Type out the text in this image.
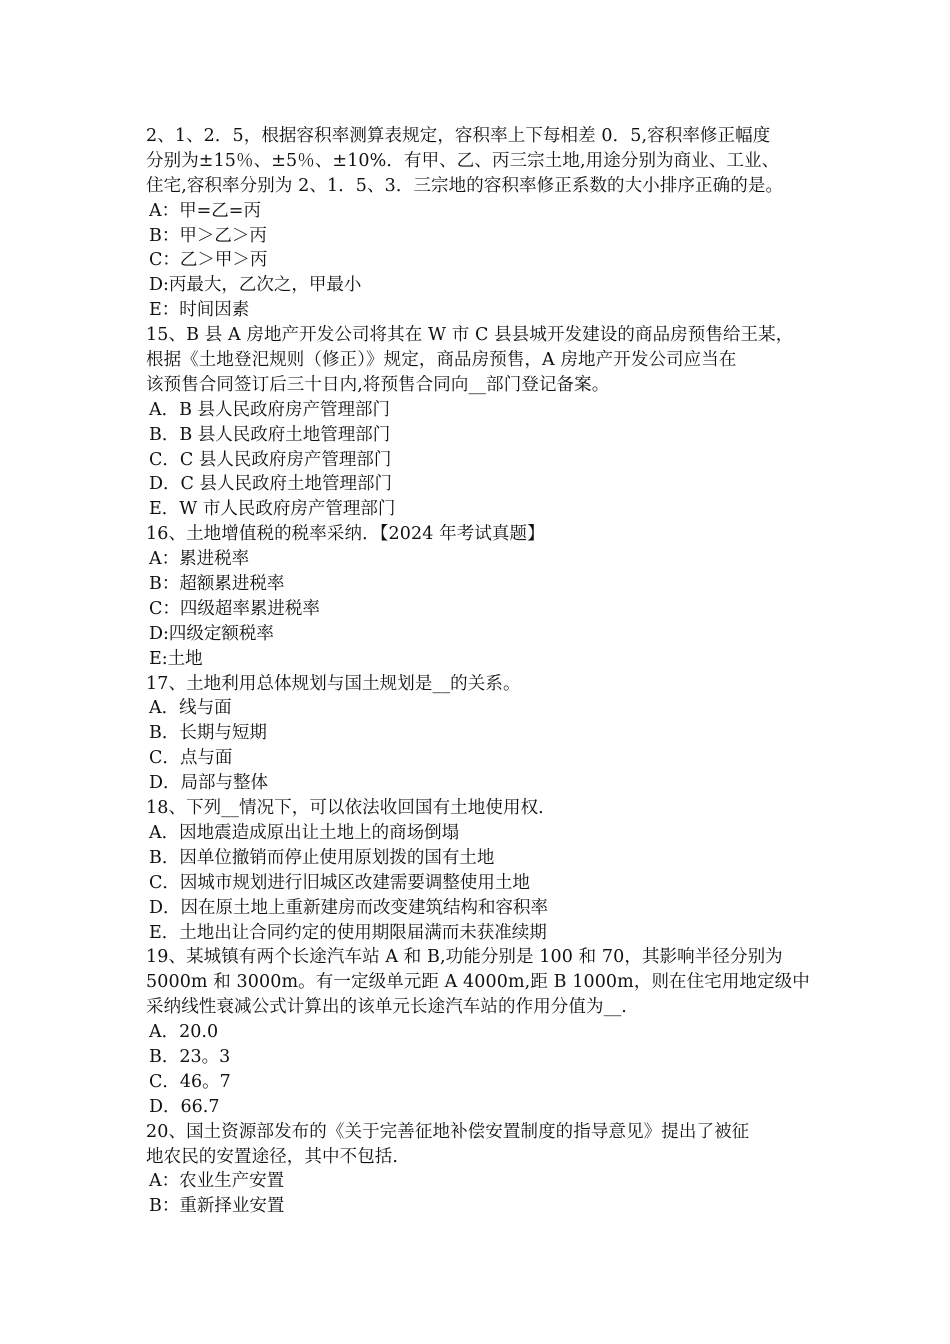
2、1、2．5，根据容积率测算表规定，容积率上下每相差 0．5,容积率修正幅度
分别为±15％、±5％、±10%．有甲、乙、丙三宗土地,用途分别为商业、工业、
住宅,容积率分别为 2、1．5、3．三宗地的容积率修正系数的大小排序正确的是。
A：甲=乙=丙
B：甲＞乙＞丙
C：乙＞甲＞丙
D:丙最大，乙次之，甲最小
E：时间因素
15、B 县 A 房地产开发公司将其在 W 市 C 县县城开发建设的商品房预售给王某，
根据《土地登汜规则（修正）》规定，商品房预售，A 房地产开发公司应当在
该预售合同签订后三十日内,将预售合同向__部门登记备案。
A．B 县人民政府房产管理部门
B．B 县人民政府土地管理部门
C．C 县人民政府房产管理部门
D．C 县人民政府土地管理部门
E．W 市人民政府房产管理部门
16、土地增值税的税率采纳．【2024 年考试真题】
A：累进税率
B：超额累进税率
C：四级超率累进税率
D:四级定额税率
E:土地
17、土地利用总体规划与国土规划是__的关系。
A．线与面
B．长期与短期
C．点与面
D．局部与整体
18、下列__情况下，可以依法收回国有土地使用权.
A．因地震造成原出让土地上的商场倒塌
B．因单位撤销而停止使用原划拨的国有土地
C．因城市规划进行旧城区改建需要调整使用土地
D．因在原土地上重新建房而改变建筑结构和容积率
E．土地出让合同约定的使用期限届满而未获准续期
19、某城镇有两个长途汽车站 A 和 B,功能分别是 100 和 70，其影响半径分别为
5000m 和 3000m。有一定级单元距 A 4000m,距 B 1000m，则在住宅用地定级中
采纳线性衰减公式计算出的该单元长途汽车站的作用分值为__.
A．20.0
B．23。3
C．46。7
D．66.7
20、国土资源部发布的《关于完善征地补偿安置制度的指导意见》提出了被征
地农民的安置途径，其中不包括.
A：农业生产安置
B：重新择业安置
